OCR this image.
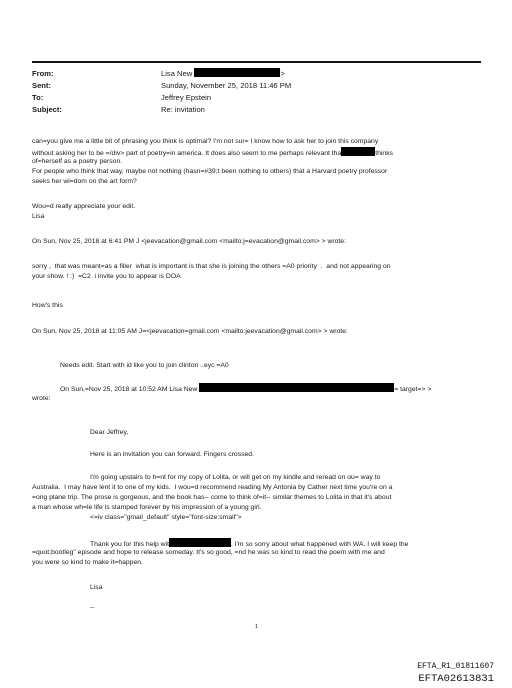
From:	Lisa New	>
Sent:	Sunday, November 25, 2018 11:46 PM
To:	Jeffrey Epstein
Subject:	Re: invitation
can=you give me a little bit of phrasing you think is optimal? I'm not sur= I know how to ask her to join this company
without asking her to be =/div> part of poetry=in america. It does also seem to me perhaps relevant tha	thinks
of=herself as a poetry person.
For people who think that way, maybe not nothing (hasn=#39;t been nothing to others) that a Harvard poetry professor
seeks her wi=dom on the art form?
Wou=d really appreciate your edit.
Lisa
On Sun, Nov 25, 2018 at 6:41 PM J <jeevacation@gmail.com <mailto:j=evacation@gmail.com> > wrote:
sorry ,  that was meant=as a filler  what is important is that she is joining the others =A0 priority  .  and not appearing on
your show. ! :)  =C2  i invite you to appear is DOA
How's this
On Sun, Nov 25, 2018 at 11:05 AM J=<jeevacation=gmail.com <mailto:jeevacation@gmail.com> > wrote:
Needs edit. Start with id like you to join clinton ..eyc =A0
On Sun,=Nov 25, 2018 at 10:52 AM Lisa New	= target=> >
wrote:
Dear Jeffrey,
Here is an invitation you can forward. Fingers crossed.
I'm going upstairs to h=nt for my copy of Lolita, or will get on my kindle and reread on ou= way to
Australia.  I may have lent it to one of my kids.  I wou=d recommend reading My Antonia by Cather next time you're on a
=ong plane trip. The prose is gorgeous, and the book has-- come to think of=it-- similar themes to Lolita in that it's about
a man whose wh=le life is stamped forever by his impression of a young girl.
<=iv class="gmail_default" style="font-size:small">
Thank you for this help wit	. I'm so sorry about what happened with WA. I will keep the
=quot;bootleg" episode and hope to release someday. It's so good, =nd he was so kind to read the poem with me and
you were so kind to make it=happen.
Lisa
--
1
EFTA_R1_01811607
EFTA02613831
